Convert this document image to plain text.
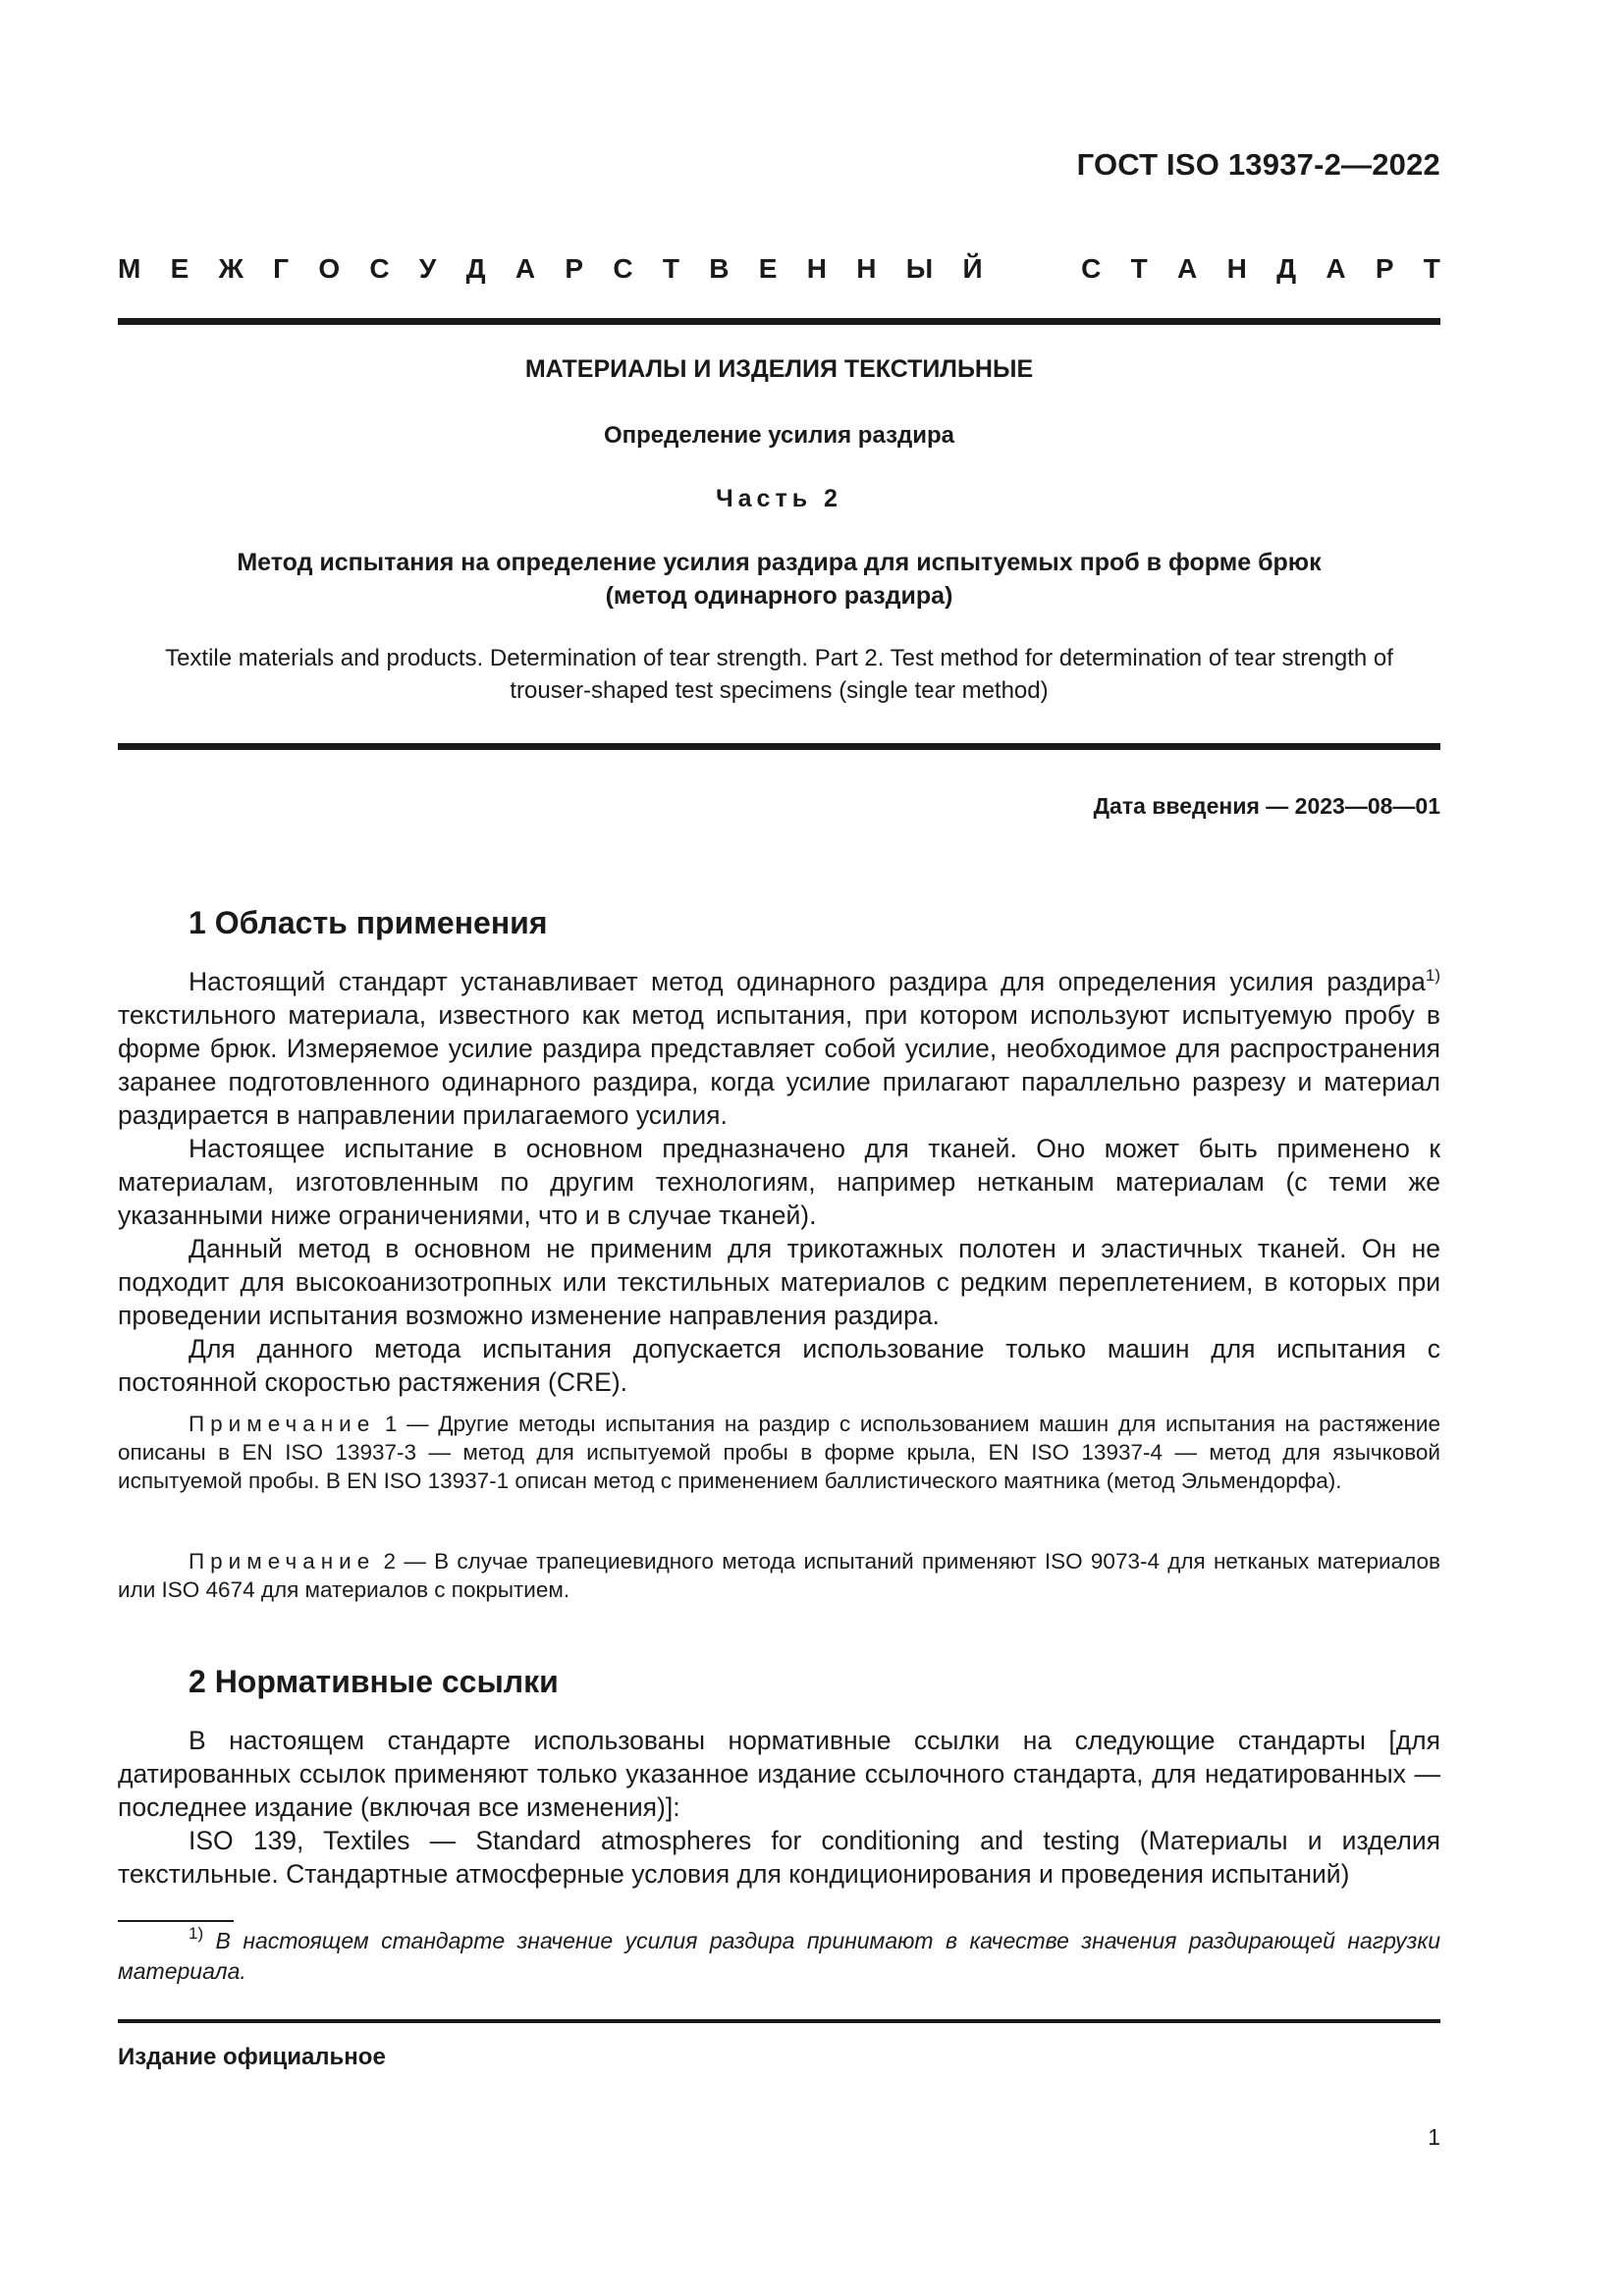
ГОСТ ISO 13937-2—2022
М Е Ж Г О С У Д А Р С Т В Е Н Н Ы Й	С Т А Н Д А Р Т
МАТЕРИАЛЫ И ИЗДЕЛИЯ ТЕКСТИЛЬНЫЕ
Определение усилия раздира
Часть 2
Метод испытания на определение усилия раздира для испытуемых проб в форме брюк
(метод одинарного раздира)
Textile materials and products. Determination of tear strength. Part 2. Test method for determination of tear strength of
trouser-shaped test specimens (single tear method)
Дата введения — 2023—08—01
1 Область применения

Настоящий стандарт устанавливает метод одинарного раздира для определения усилия раздира$^{1)}$ текстильного материала, известного как метод испытания, при котором используют испытуемую пробу в форме брюк. Измеряемое усилие раздира представляет собой усилие, необходимое для распространения заранее подготовленного одинарного раздира, когда усилие прилагают параллельно разрезу и материал раздирается в направлении прилагаемого усилия.

Настоящее испытание в основном предназначено для тканей. Оно может быть применено к материалам, изготовленным по другим технологиям, например нетканым материалам (с теми же указанными ниже ограничениями, что и в случае тканей).

Данный метод в основном не применим для трикотажных полотен и эластичных тканей. Он не подходит для высокоанизотропных или текстильных материалов с редким переплетением, в которых при проведении испытания возможно изменение направления раздира.

Для данного метода испытания допускается использование только машин для испытания с постоянной скоростью растяжения (CRE).

Примечание 1 — Другие методы испытания на раздир с использованием машин для испытания на растяжение описаны в EN ISO 13937-3 — метод для испытуемой пробы в форме крыла, EN ISO 13937-4 — метод для язычковой испытуемой пробы. В EN ISO 13937-1 описан метод с применением баллистического маятника (метод Эльмендорфа).

Примечание 2 — В случае трапециевидного метода испытаний применяют ISO 9073-4 для нетканых материалов или ISO 4674 для материалов с покрытием.

2 Нормативные ссылки

В настоящем стандарте использованы нормативные ссылки на следующие стандарты [для датированных ссылок применяют только указанное издание ссылочного стандарта, для недатированных — последнее издание (включая все изменения)]:

ISO 139, Textiles — Standard atmospheres for conditioning and testing (Материалы и изделия текстильные. Стандартные атмосферные условия для кондиционирования и проведения испытаний)

$^{1)}$ В настоящем стандарте значение усилия раздира принимают в качестве значения раздирающей нагрузки материала.

Издание официальное
1
